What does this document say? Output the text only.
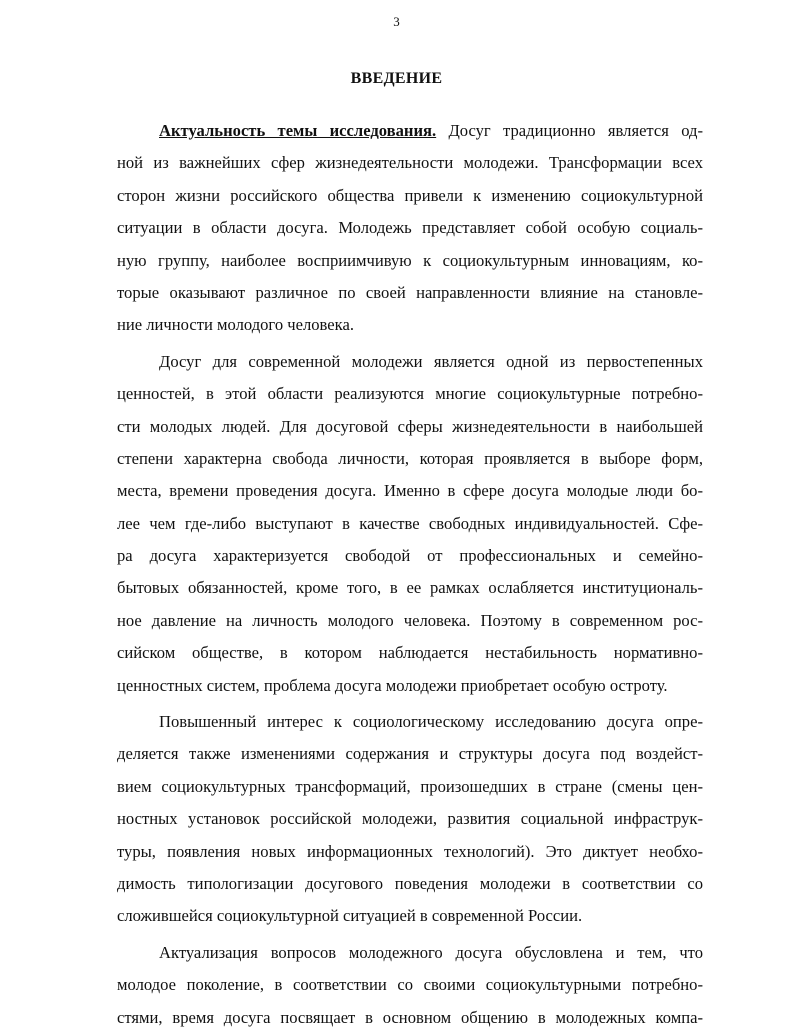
3
ВВЕДЕНИЕ
Актуальность темы исследования. Досуг традиционно является од-
ной из важнейших сфер жизнедеятельности молодежи. Трансформации всех
сторон жизни российского общества привели к изменению социокультурной
ситуации в области досуга. Молодежь представляет собой особую социаль-
ную группу, наиболее восприимчивую к социокультурным инновациям, ко-
торые оказывают различное по своей направленности влияние на становле-
ние личности молодого человека.
Досуг для современной молодежи является одной из первостепенных
ценностей, в этой области реализуются многие социокультурные потребно-
сти молодых людей. Для досуговой сферы жизнедеятельности в наибольшей
степени характерна свобода личности, которая проявляется в выборе форм,
места, времени проведения досуга. Именно в сфере досуга молодые люди бо-
лее чем где-либо выступают в качестве свободных индивидуальностей. Сфе-
ра досуга характеризуется свободой от профессиональных и семейно-
бытовых обязанностей, кроме того, в ее рамках ослабляется институциональ-
ное давление на личность молодого человека. Поэтому в современном рос-
сийском обществе, в котором наблюдается нестабильность нормативно-
ценностных систем, проблема досуга молодежи приобретает особую остроту.
Повышенный интерес к социологическому исследованию досуга опре-
деляется также изменениями содержания и структуры досуга под воздейст-
вием социокультурных трансформаций, произошедших в стране (смены цен-
ностных установок российской молодежи, развития социальной инфраструк-
туры, появления новых информационных технологий). Это диктует необхо-
димость типологизации досугового поведения молодежи в соответствии со
сложившейся социокультурной ситуацией в современной России.
Актуализация вопросов молодежного досуга обусловлена и тем, что
молодое поколение, в соответствии со своими социокультурными потребно-
стями, время досуга посвящает в основном общению в молодежных компа-
